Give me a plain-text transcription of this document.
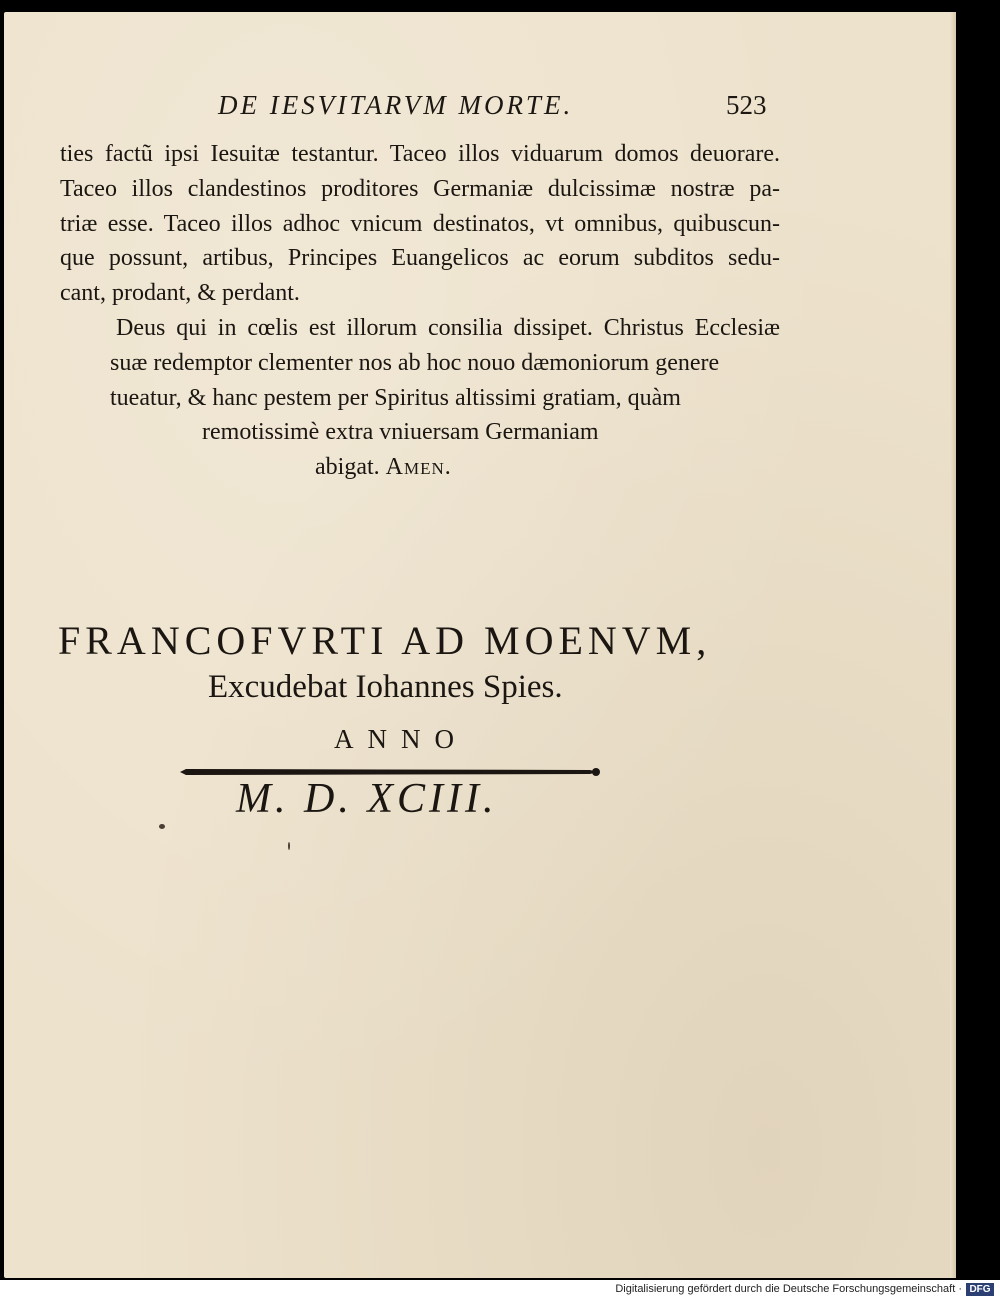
DE IESVITARVM MORTE.	523
ties factũ ipsi Iesuitæ testantur. Taceo illos viduarum domos deuorare.
Taceo illos clandestinos proditores Germaniæ dulcissimæ nostræ pa-
triæ esse. Taceo illos adhoc vnicum destinatos, vt omnibus, quibuscun-
que possunt, artibus, Principes Euangelicos ac eorum subditos sedu-
cant, prodant, & perdant.
Deus qui in cœlis est illorum consilia dissipet. Christus Ecclesiæ
suæ redemptor clementer nos ab hoc nouo dæmoniorum genere
tueatur, & hanc pestem per Spiritus altissimi gratiam, quàm
remotissimè extra vniuersam Germaniam
abigat. Amen.
FRANCOFVRTI AD MOENVM,
Excudebat Iohannes Spies.
ANNO
M. D. XCIII.
Digitalisierung gefördert durch die Deutsche Forschungsgemeinschaft · DFG
